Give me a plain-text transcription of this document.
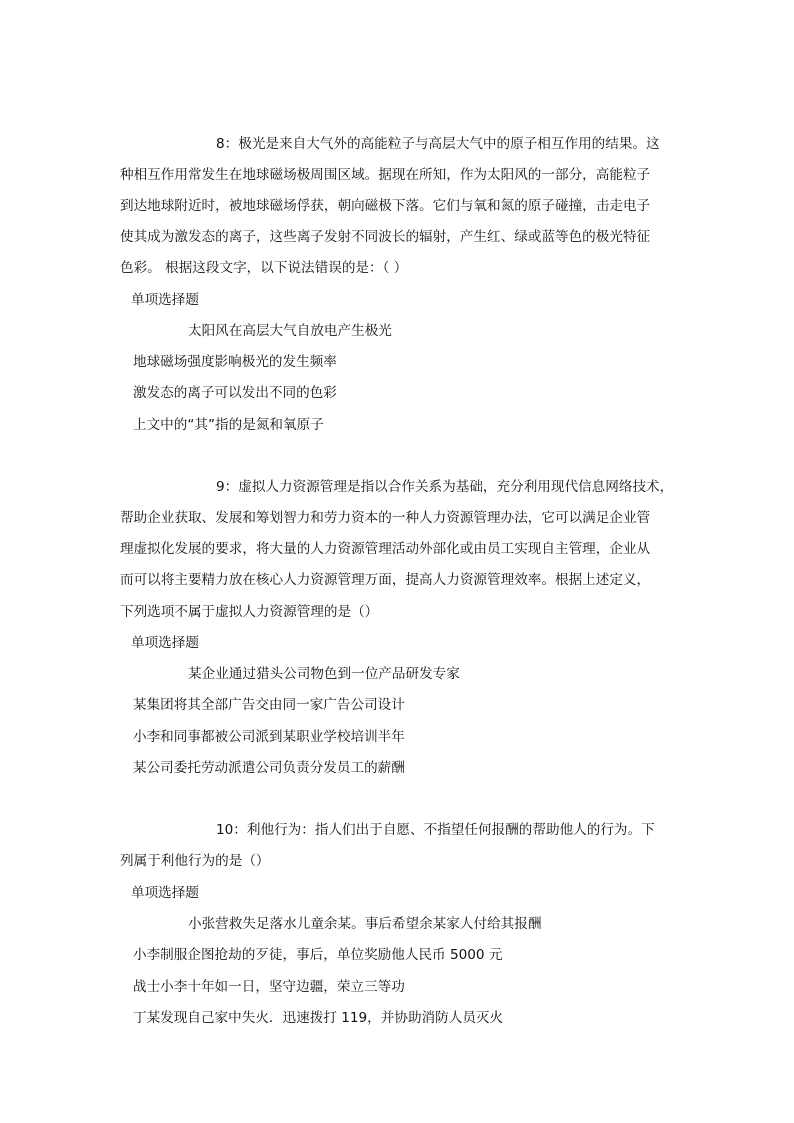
8：极光是来自大气外的高能粒子与高层大气中的原子相互作用的结果。这
种相互作用常发生在地球磁场极周围区域。据现在所知，作为太阳风的一部分，高能粒子
到达地球附近时，被地球磁场俘获，朝向磁极下落。它们与氧和氮的原子碰撞，击走电子
使其成为激发态的离子，这些离子发射不同波长的辐射，产生红、绿或蓝等色的极光特征
色彩。 根据这段文字，以下说法错误的是：（ ）
单项选择题
太阳风在高层大气自放电产生极光
地球磁场强度影响极光的发生频率
激发态的离子可以发出不同的色彩
上文中的“其”指的是氮和氧原子
9：虚拟人力资源管理是指以合作关系为基础，充分利用现代信息网络技术，
帮助企业获取、发展和筹划智力和劳力资本的一种人力资源管理办法，它可以满足企业管
理虚拟化发展的要求，将大量的人力资源管理活动外部化或由员工实现自主管理，企业从
而可以将主要精力放在核心人力资源管理万面，提高人力资源管理效率。根据上述定义，
下列选项不属于虚拟人力资源管理的是（）
单项选择题
某企业通过猎头公司物色到一位产品研发专家
某集团将其全部广告交由同一家广告公司设计
小李和同事都被公司派到某职业学校培训半年
某公司委托劳动派遣公司负责分发员工的薪酬
10：利他行为：指人们出于自愿、不指望任何报酬的帮助他人的行为。下
列属于利他行为的是（）
单项选择题
小张营救失足落水儿童余某。事后希望余某家人付给其报酬
小李制服企图抢劫的歹徒，事后，单位奖励他人民币 5000 元
战士小李十年如一日，坚守边疆，荣立三等功
丁某发现自己家中失火．迅速拨打 119，并协助消防人员灭火
